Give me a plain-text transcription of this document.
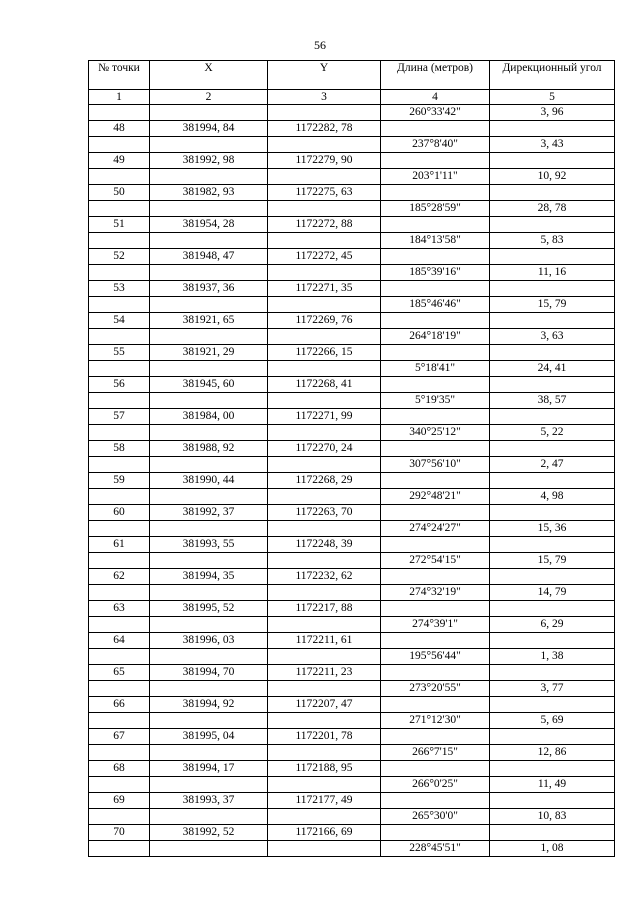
56
№ точки	X	Y	Длина (метров)	Дирекционный угол
1	2	3	4	5
			260°33'42"	3, 96
48	381994, 84	1172282, 78		
			237°8'40"	3, 43
49	381992, 98	1172279, 90		
			203°1'11"	10, 92
50	381982, 93	1172275, 63		
			185°28'59"	28, 78
51	381954, 28	1172272, 88		
			184°13'58"	5, 83
52	381948, 47	1172272, 45		
			185°39'16"	11, 16
53	381937, 36	1172271, 35		
			185°46'46"	15, 79
54	381921, 65	1172269, 76		
			264°18'19"	3, 63
55	381921, 29	1172266, 15		
			5°18'41"	24, 41
56	381945, 60	1172268, 41		
			5°19'35"	38, 57
57	381984, 00	1172271, 99		
			340°25'12"	5, 22
58	381988, 92	1172270, 24		
			307°56'10"	2, 47
59	381990, 44	1172268, 29		
			292°48'21"	4, 98
60	381992, 37	1172263, 70		
			274°24'27"	15, 36
61	381993, 55	1172248, 39		
			272°54'15"	15, 79
62	381994, 35	1172232, 62		
			274°32'19"	14, 79
63	381995, 52	1172217, 88		
			274°39'1"	6, 29
64	381996, 03	1172211, 61		
			195°56'44"	1, 38
65	381994, 70	1172211, 23		
			273°20'55"	3, 77
66	381994, 92	1172207, 47		
			271°12'30"	5, 69
67	381995, 04	1172201, 78		
			266°7'15"	12, 86
68	381994, 17	1172188, 95		
			266°0'25"	11, 49
69	381993, 37	1172177, 49		
			265°30'0"	10, 83
70	381992, 52	1172166, 69		
			228°45'51"	1, 08
